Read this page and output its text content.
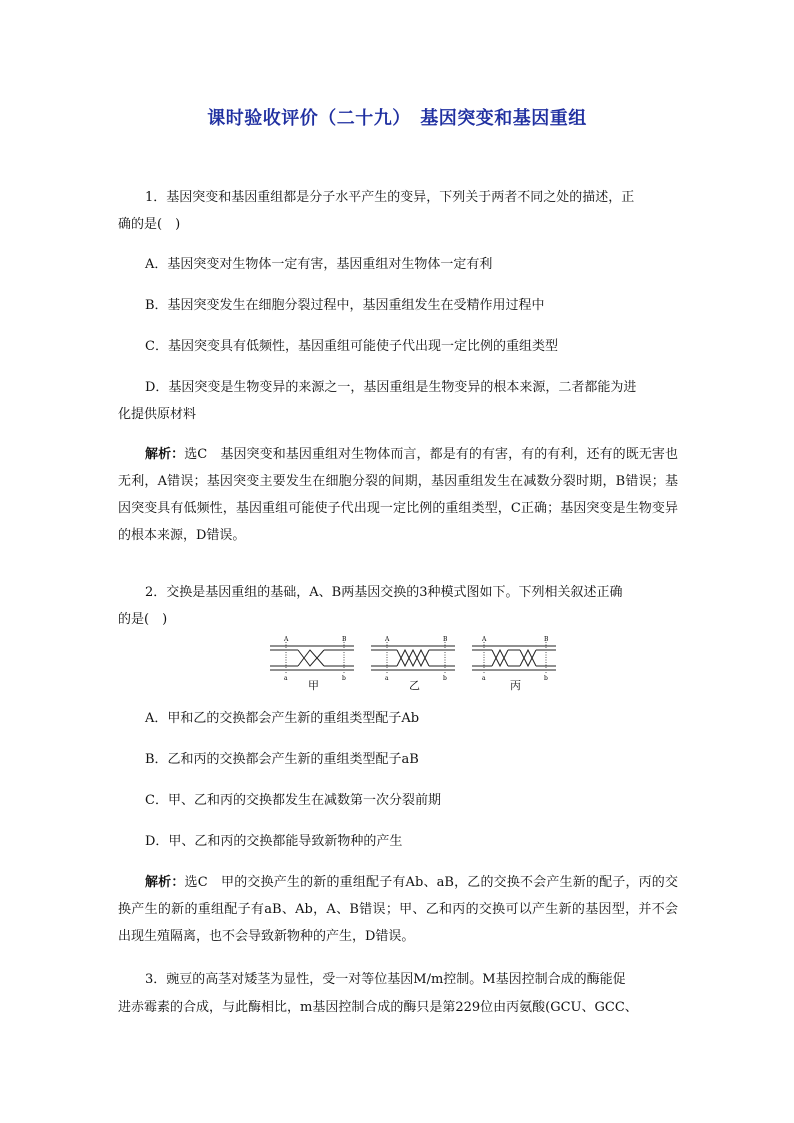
课时验收评价（二十九）　基因突变和基因重组
1．基因突变和基因重组都是分子水平产生的变异，下列关于两者不同之处的描述，正

确的是(　)
A．基因突变对生物体一定有害，基因重组对生物体一定有利
B．基因突变发生在细胞分裂过程中，基因重组发生在受精作用过程中
C．基因突变具有低频性，基因重组可能使子代出现一定比例的重组类型
D．基因突变是生物变异的来源之一，基因重组是生物变异的根本来源，二者都能为进
化提供原材料
解析：选C　基因突变和基因重组对生物体而言，都是有的有害，有的有利，还有的既无害也无利，A错误；基因突变主要发生在细胞分裂的间期，基因重组发生在减数分裂时期，B错误；基因突变具有低频性，基因重组可能使子代出现一定比例的重组类型，C正确；基因突变是生物变异的根本来源，D错误。
2．交换是基因重组的基础，A、B两基因交换的3种模式图如下。下列相关叙述正确
的是(　)
A	B
a	b
A	B
a	b
A	B
a	b
甲	乙	丙
A．甲和乙的交换都会产生新的重组类型配子Ab
B．乙和丙的交换都会产生新的重组类型配子aB
C．甲、乙和丙的交换都发生在减数第一次分裂前期
D．甲、乙和丙的交换都能导致新物种的产生
解析：选C　甲的交换产生的新的重组配子有Ab、aB，乙的交换不会产生新的配子，丙的交换产生的新的重组配子有aB、Ab，A、B错误；甲、乙和丙的交换可以产生新的基因型，并不会出现生殖隔离，也不会导致新物种的产生，D错误。
3．豌豆的高茎对矮茎为显性，受一对等位基因M/m控制。M基因控制合成的酶能促
进赤霉素的合成，与此酶相比，m基因控制合成的酶只是第229位由丙氨酸(GCU、GCC、
